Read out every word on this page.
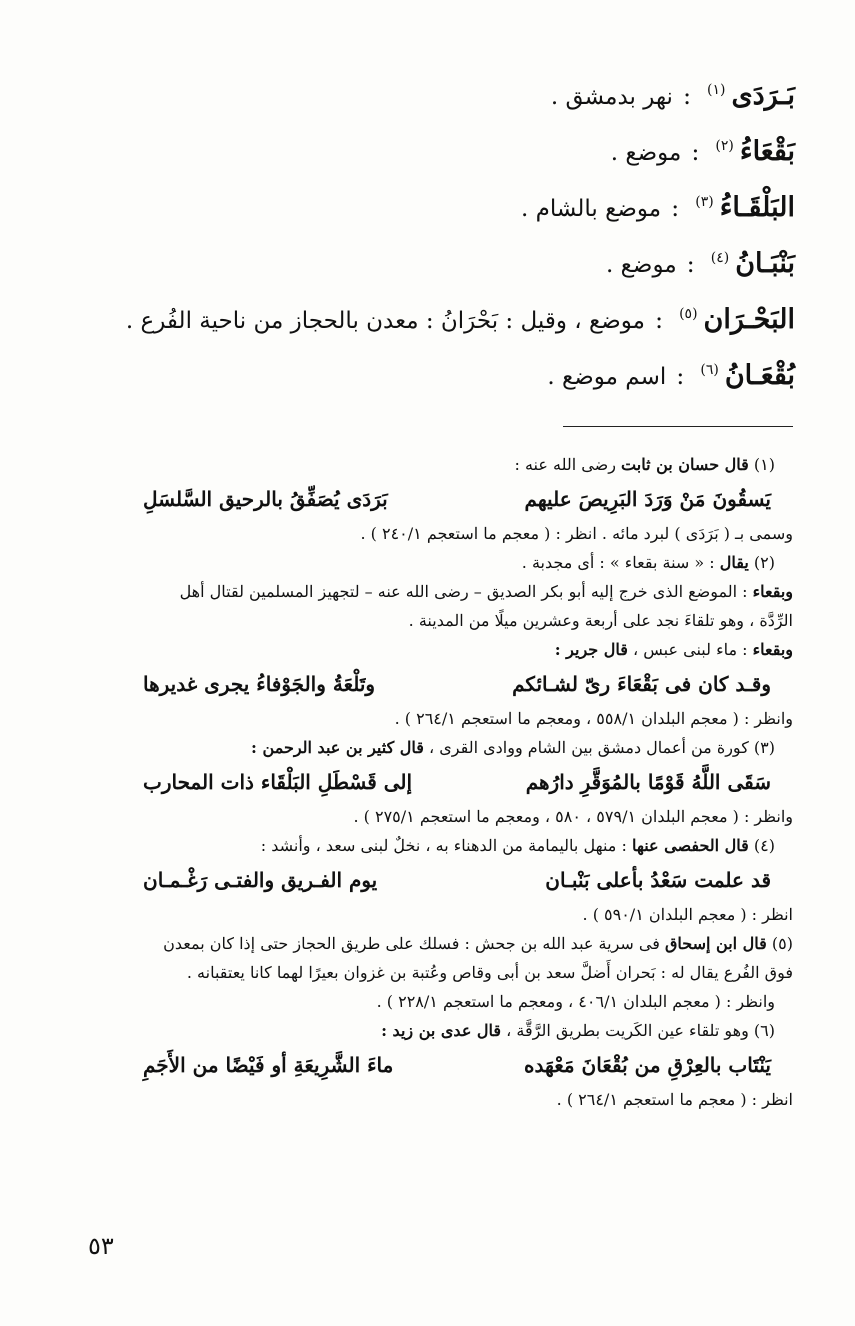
بَـرَدَى
(١)
:
نهر بدمشق .
بَقْعَاءُ
(٢)
:
موضع .
البَلْقَـاءُ
(٣)
:
موضع بالشام .
بَنْبَـانُ
(٤)
:
موضع .
البَحْـرَان
(٥)
:
موضع ، وقيل : بَحْرَانُ : معدن بالحجاز من ناحية الفُرع .
بُقْعَـانُ
(٦)
:
اسم موضع .
(١) قال حسان بن ثابت رضى الله عنه :
يَسقُونَ مَنْ وَرَدَ البَرِيصَ عليهم
بَرَدَى يُصَفِّقُ بالرحيق السَّلسَلِ
وسمى بـ ( بَرَدَى ) لبرد مائه . انظر : ( معجم ما استعجم ٢٤٠/١ ) .
(٢) يقال : « سنة بقعاء » : أى مجدبة .
وبقعاء : الموضع الذى خرج إليه أبو بكر الصديق – رضى الله عنه – لتجهيز المسلمين لقتال أهل
الرِّدَّة ، وهو تلقاءَ نجد على أربعة وعشرين ميلًا من المدينة .
وبقعاء : ماء لبنى عبس ، قال جرير :
وقـد كان فى بَقْعَاءَ رىّ لشـائكم
وتَلْعَةُ والجَوْفاءُ يجرى غديرها
وانظر : ( معجم البلدان ٥٥٨/١ ، ومعجم ما استعجم ٢٦٤/١ ) .
(٣) كورة من أعمال دمشق بين الشام ووادى القرى ، قال كثير بن عبد الرحمن :
سَقَى اللَّهُ قَوْمًا بالمُوَقَّرِ دارُهم
إلى قَسْطَلِ البَلْقَاء ذات المحارب
وانظر : ( معجم البلدان ٥٧٩/١ ، ٥٨٠ ، ومعجم ما استعجم ٢٧٥/١ ) .
(٤) قال الحفصى عنها : منهل باليمامة من الدهناء به ، نخلٌ لبنى سعد ، وأنشد :
قد علمت سَعْدُ بأعلى بَنْبـان
يوم الفـريق والفتـى رَغْـمـان
انظر : ( معجم البلدان ٥٩٠/١ ) .
(٥) قال ابن إسحاق فى سرية عبد الله بن جحش : فسلك على طريق الحجاز حتى إذا كان بمعدن
فوق الفُرع يقال له : بَحران أَضلَّ سعد بن أبى وقاص وعُتبة بن غزوان بعيرًا لهما كانا يعتقبانه .
وانظر : ( معجم البلدان ٤٠٦/١ ، ومعجم ما استعجم ٢٢٨/١ ) .
(٦) وهو تلقاء عين الكَريت بطريق الرَّقَّة ، قال عدى بن زيد :
يَنْتَاب بالعِرْقِ من بُقْعَانَ مَعْهَده
ماءَ الشَّرِيعَةِ أو فَيْضًا من الأَجَمِ
انظر : ( معجم ما استعجم ٢٦٤/١ ) .
٥٣
